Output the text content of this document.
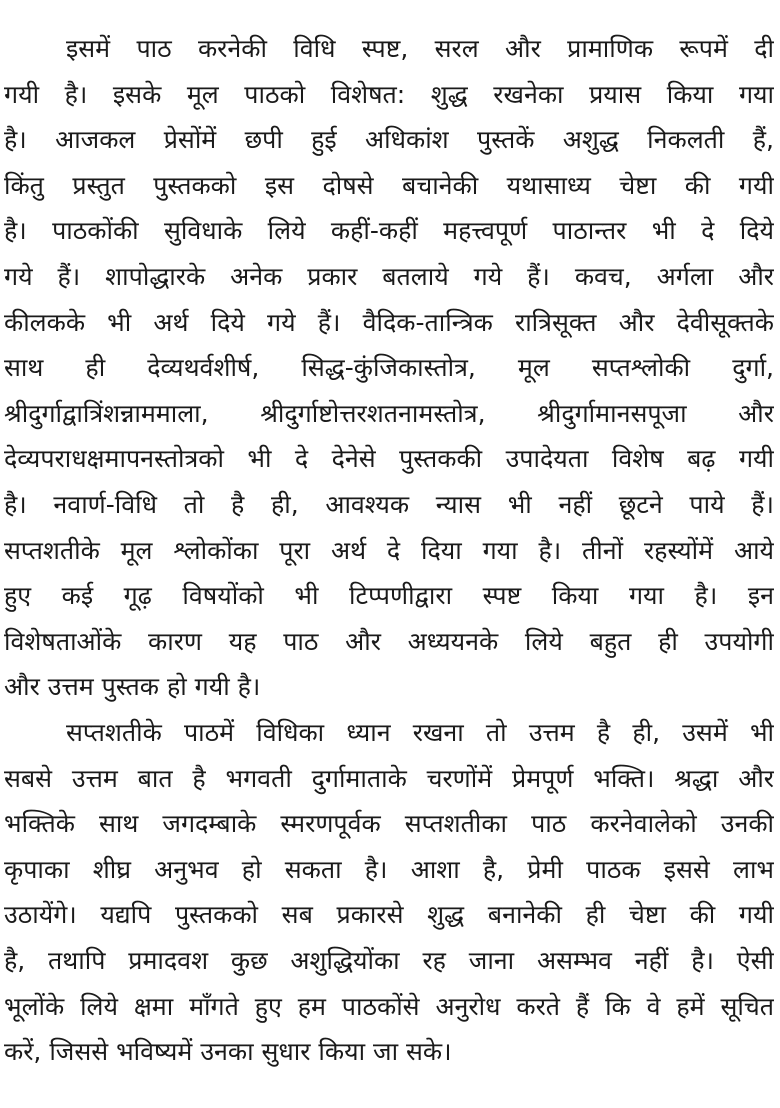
इसमें पाठ करनेकी विधि स्पष्ट, सरल और प्रामाणिक रूपमें दी
गयी है। इसके मूल पाठको विशेषत: शुद्ध रखनेका प्रयास किया गया
है। आजकल प्रेसोंमें छपी हुई अधिकांश पुस्तकें अशुद्ध निकलती हैं,
किंतु प्रस्तुत पुस्तकको इस दोषसे बचानेकी यथासाध्य चेष्टा की गयी
है। पाठकोंकी सुविधाके लिये कहीं-कहीं महत्त्वपूर्ण पाठान्तर भी दे दिये
गये हैं। शापोद्धारके अनेक प्रकार बतलाये गये हैं। कवच, अर्गला और
कीलकके भी अर्थ दिये गये हैं। वैदिक-तान्त्रिक रात्रिसूक्त और देवीसूक्तके
साथ ही देव्यथर्वशीर्ष, सिद्ध-कुंजिकास्तोत्र, मूल सप्तश्लोकी दुर्गा,
श्रीदुर्गाद्वात्रिंशन्नाममाला, श्रीदुर्गाष्टोत्तरशतनामस्तोत्र, श्रीदुर्गामानसपूजा और
देव्यपराधक्षमापनस्तोत्रको भी दे देनेसे पुस्तककी उपादेयता विशेष बढ़ गयी
है। नवार्ण-विधि तो है ही, आवश्यक न्यास भी नहीं छूटने पाये हैं।
सप्तशतीके मूल श्लोकोंका पूरा अर्थ दे दिया गया है। तीनों रहस्योंमें आये
हुए कई गूढ़ विषयोंको भी टिप्पणीद्वारा स्पष्ट किया गया है। इन
विशेषताओंके कारण यह पाठ और अध्ययनके लिये बहुत ही उपयोगी
और उत्तम पुस्तक हो गयी है।
सप्तशतीके पाठमें विधिका ध्यान रखना तो उत्तम है ही, उसमें भी
सबसे उत्तम बात है भगवती दुर्गामाताके चरणोंमें प्रेमपूर्ण भक्ति। श्रद्धा और
भक्तिके साथ जगदम्बाके स्मरणपूर्वक सप्तशतीका पाठ करनेवालेको उनकी
कृपाका शीघ्र अनुभव हो सकता है। आशा है, प्रेमी पाठक इससे लाभ
उठायेंगे। यद्यपि पुस्तकको सब प्रकारसे शुद्ध बनानेकी ही चेष्टा की गयी
है, तथापि प्रमादवश कुछ अशुद्धियोंका रह जाना असम्भव नहीं है। ऐसी
भूलोंके लिये क्षमा माँगते हुए हम पाठकोंसे अनुरोध करते हैं कि वे हमें सूचित
करें, जिससे भविष्यमें उनका सुधार किया जा सके।
